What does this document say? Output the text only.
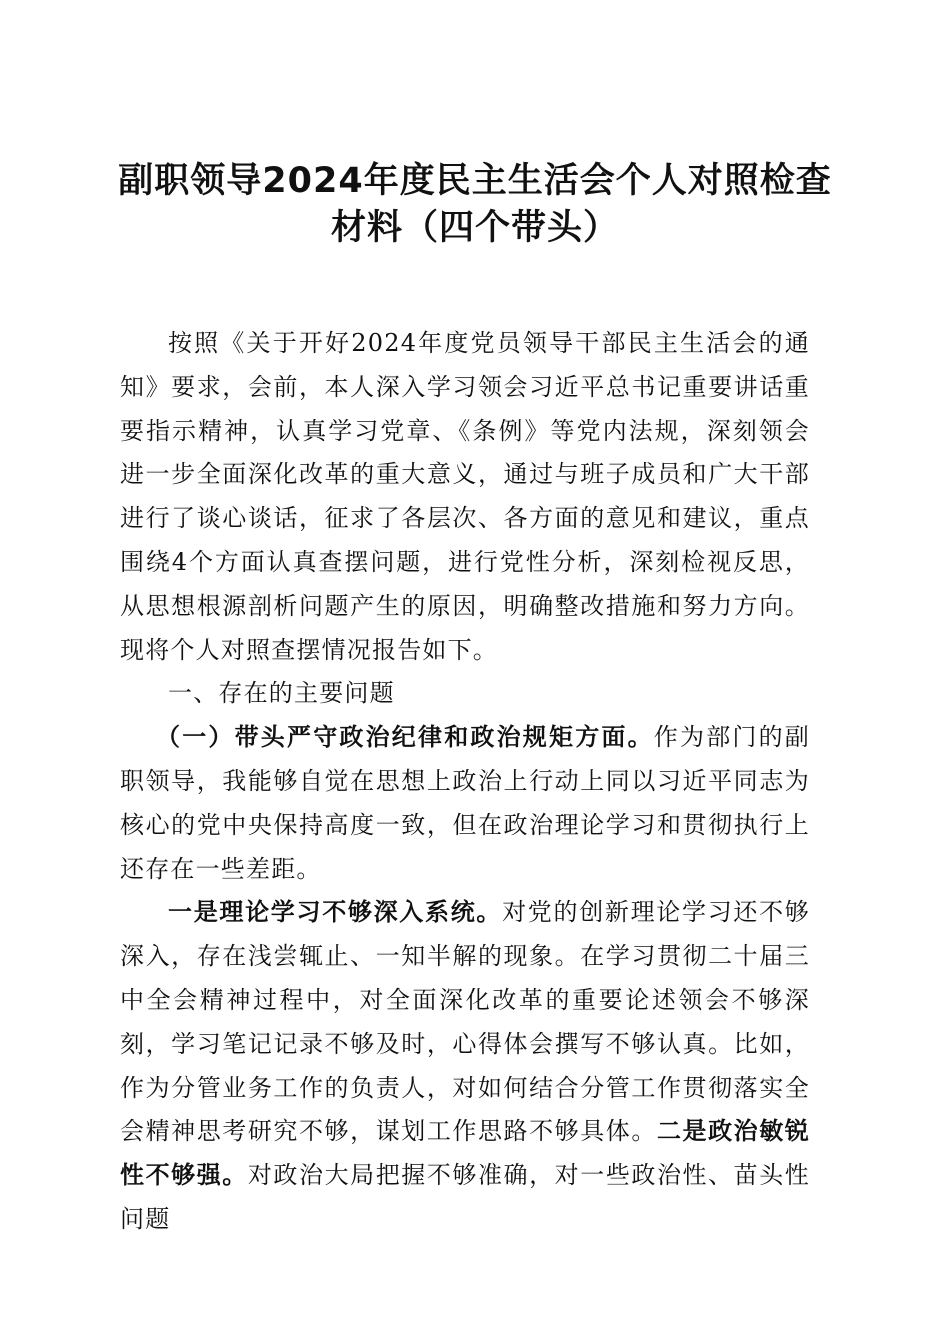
副职领导2024年度民主生活会个人对照检查
材料（四个带头）

按照《关于开好2024年度党员领导干部民主生活会的通知》要求，会前，本人深入学习领会习近平总书记重要讲话重要指示精神，认真学习党章、《条例》等党内法规，深刻领会进一步全面深化改革的重大意义，通过与班子成员和广大干部进行了谈心谈话，征求了各层次、各方面的意见和建议，重点围绕4个方面认真查摆问题，进行党性分析，深刻检视反思，从思想根源剖析问题产生的原因，明确整改措施和努力方向。现将个人对照查摆情况报告如下。

一、存在的主要问题

（一）带头严守政治纪律和政治规矩方面。作为部门的副职领导，我能够自觉在思想上政治上行动上同以习近平同志为核心的党中央保持高度一致，但在政治理论学习和贯彻执行上还存在一些差距。

一是理论学习不够深入系统。对党的创新理论学习还不够深入，存在浅尝辄止、一知半解的现象。在学习贯彻二十届三中全会精神过程中，对全面深化改革的重要论述领会不够深刻，学习笔记记录不够及时，心得体会撰写不够认真。比如，作为分管业务工作的负责人，对如何结合分管工作贯彻落实全会精神思考研究不够，谋划工作思路不够具体。二是政治敏锐性不够强。对政治大局把握不够准确，对一些政治性、苗头性问题
